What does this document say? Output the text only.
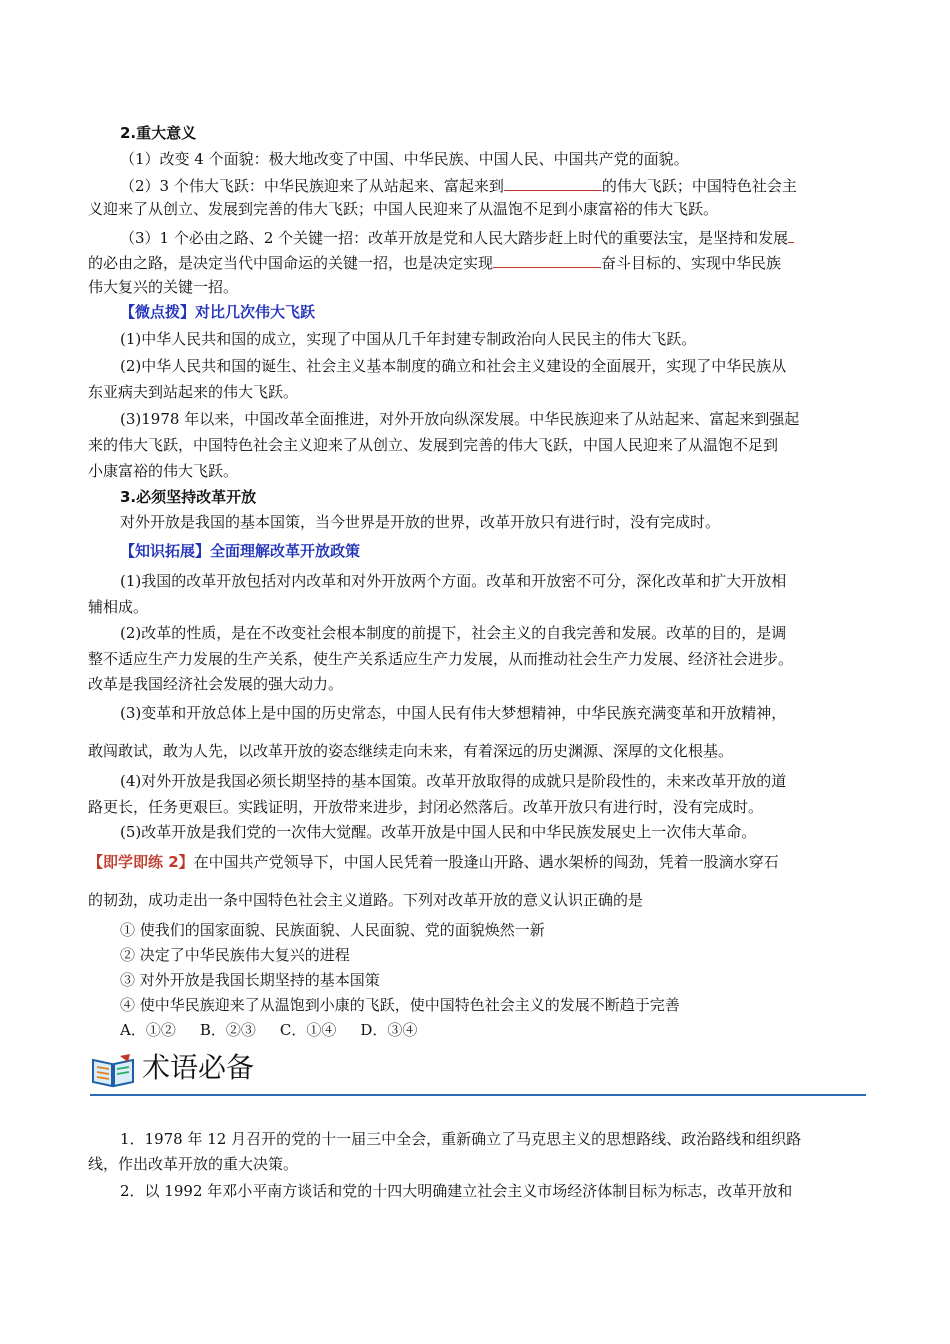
2.重大意义
（1）改变 4 个面貌：极大地改变了中国、中华民族、中国人民、中国共产党的面貌。
（2）3 个伟大飞跃：中华民族迎来了从站起来、富起来到	的伟大飞跃；中国特色社会主
义迎来了从创立、发展到完善的伟大飞跃；中国人民迎来了从温饱不足到小康富裕的伟大飞跃。
（3）1 个必由之路、2 个关键一招：改革开放是党和人民大踏步赶上时代的重要法宝，是坚持和发展
的必由之路，是决定当代中国命运的关键一招，也是决定实现	奋斗目标的、实现中华民族
伟大复兴的关键一招。
【微点拨】对比几次伟大飞跃
(1)中华人民共和国的成立，实现了中国从几千年封建专制政治向人民民主的伟大飞跃。
(2)中华人民共和国的诞生、社会主义基本制度的确立和社会主义建设的全面展开，实现了中华民族从
东亚病夫到站起来的伟大飞跃。
(3)1978 年以来，中国改革全面推进，对外开放向纵深发展。中华民族迎来了从站起来、富起来到强起
来的伟大飞跃，中国特色社会主义迎来了从创立、发展到完善的伟大飞跃，中国人民迎来了从温饱不足到
小康富裕的伟大飞跃。
3.必须坚持改革开放
对外开放是我国的基本国策，当今世界是开放的世界，改革开放只有进行时，没有完成时。
【知识拓展】全面理解改革开放政策
(1)我国的改革开放包括对内改革和对外开放两个方面。改革和开放密不可分，深化改革和扩大开放相
辅相成。
(2)改革的性质，是在不改变社会根本制度的前提下，社会主义的自我完善和发展。改革的目的，是调
整不适应生产力发展的生产关系，使生产关系适应生产力发展，从而推动社会生产力发展、经济社会进步。
改革是我国经济社会发展的强大动力。
(3)变革和开放总体上是中国的历史常态，中国人民有伟大梦想精神，中华民族充满变革和开放精神，
敢闯敢试，敢为人先，以改革开放的姿态继续走向未来，有着深远的历史渊源、深厚的文化根基。
(4)对外开放是我国必须长期坚持的基本国策。改革开放取得的成就只是阶段性的，未来改革开放的道
路更长，任务更艰巨。实践证明，开放带来进步，封闭必然落后。改革开放只有进行时，没有完成时。
(5)改革开放是我们党的一次伟大觉醒。改革开放是中国人民和中华民族发展史上一次伟大革命。
【即学即练 2】在中国共产党领导下，中国人民凭着一股逢山开路、遇水架桥的闯劲，凭着一股滴水穿石
的韧劲，成功走出一条中国特色社会主义道路。下列对改革开放的意义认识正确的是
① 使我们的国家面貌、民族面貌、人民面貌、党的面貌焕然一新
② 决定了中华民族伟大复兴的进程
③ 对外开放是我国长期坚持的基本国策
④ 使中华民族迎来了从温饱到小康的飞跃，使中国特色社会主义的发展不断趋于完善
A．①② B．②③ C．①④ D．③④
术语必备
1．1978 年 12 月召开的党的十一届三中全会，重新确立了马克思主义的思想路线、政治路线和组织路
线，作出改革开放的重大决策。
2．以 1992 年邓小平南方谈话和党的十四大明确建立社会主义市场经济体制目标为标志，改革开放和
